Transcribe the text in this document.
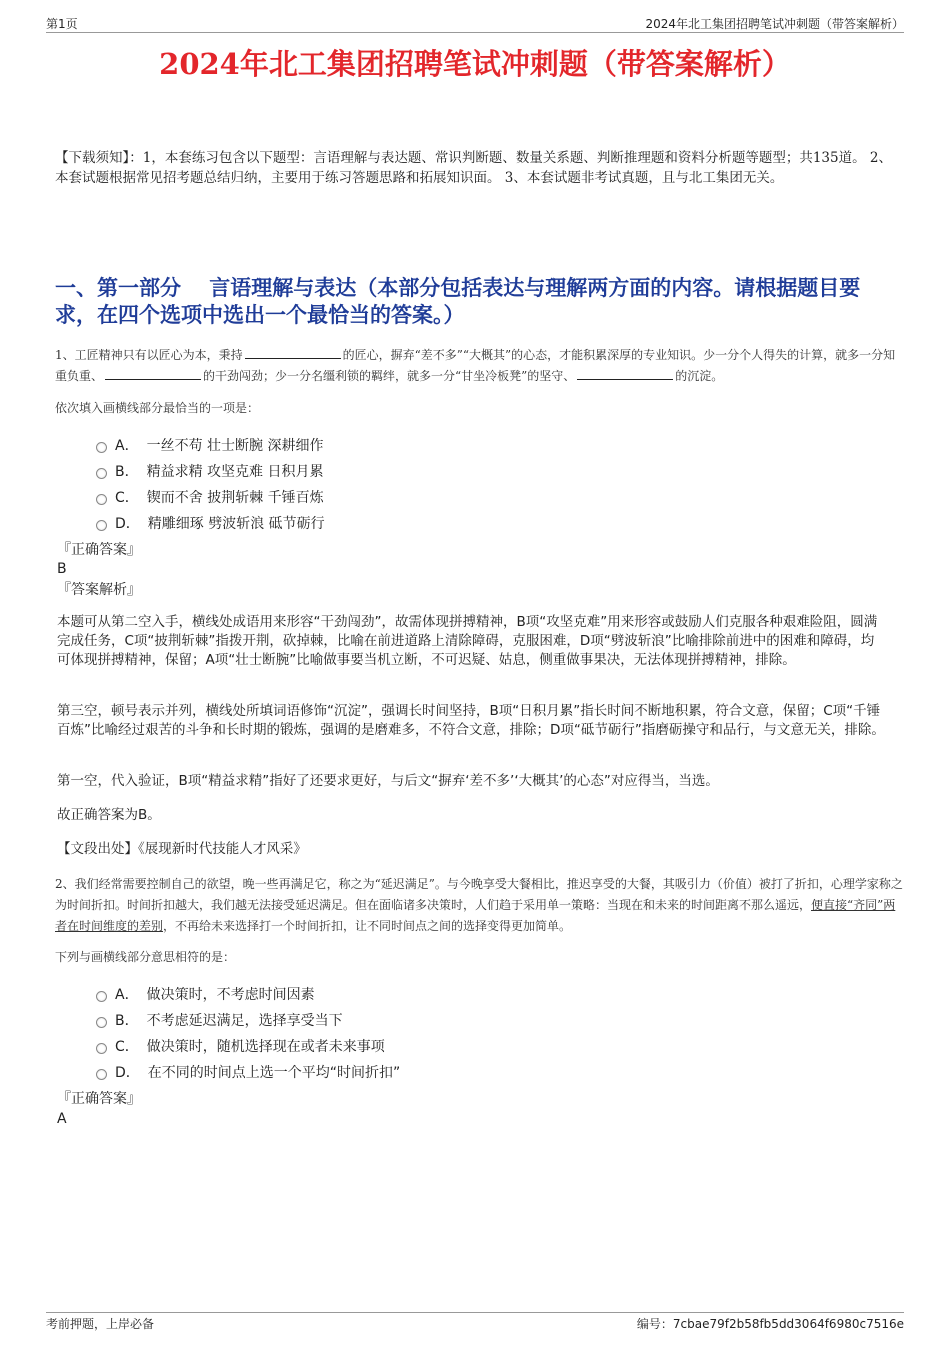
第1页	2024年北工集团招聘笔试冲刺题（带答案解析）
2024年北工集团招聘笔试冲刺题（带答案解析）

【下载须知】：1，本套练习包含以下题型：言语理解与表达题、常识判断题、数量关系题、判断推理题和资料分析题等题型；共135道。 2、本套试题根据常见招考题总结归纳，主要用于练习答题思路和拓展知识面。 3、本套试题非考试真题，且与北工集团无关。

一、第一部分　 言语理解与表达（本部分包括表达与理解两方面的内容。请根据题目要求，在四个选项中选出一个最恰当的答案。）

1、工匠精神只有以匠心为本，秉持	的匠心，摒弃“差不多”“大概其”的心态，才能积累深厚的专业知识。少一分个人得失的计算，就多一分知重负重、	的干劲闯劲；少一分名缰利锁的羁绊，就多一分“甘坐冷板凳”的坚守、	的沉淀。

依次填入画横线部分最恰当的一项是：

A． 一丝不苟 壮士断腕 深耕细作
B． 精益求精 攻坚克难 日积月累
C． 锲而不舍 披荆斩棘 千锤百炼
D． 精雕细琢 劈波斩浪 砥节砺行
『正确答案』
B
『答案解析』

本题可从第二空入手，横线处成语用来形容“干劲闯劲”，故需体现拼搏精神，B项“攻坚克难”用来形容或鼓励人们克服各种艰难险阻，圆满完成任务，C项“披荆斩棘”指拨开荆，砍掉棘，比喻在前进道路上清除障碍，克服困难，D项“劈波斩浪”比喻排除前进中的困难和障碍，均可体现拼搏精神，保留；A项“壮士断腕”比喻做事要当机立断，不可迟疑、姑息，侧重做事果决，无法体现拼搏精神，排除。

第三空，顿号表示并列，横线处所填词语修饰“沉淀”，强调长时间坚持，B项“日积月累”指长时间不断地积累，符合文意，保留；C项“千锤百炼”比喻经过艰苦的斗争和长时期的锻炼，强调的是磨难多，不符合文意，排除；D项“砥节砺行”指磨砺操守和品行，与文意无关，排除。

第一空，代入验证，B项“精益求精”指好了还要求更好，与后文“摒弃‘差不多’‘大概其’的心态”对应得当，当选。

故正确答案为B。

【文段出处】《展现新时代技能人才风采》

2、我们经常需要控制自己的欲望，晚一些再满足它，称之为“延迟满足”。与今晚享受大餐相比，推迟享受的大餐，其吸引力（价值）被打了折扣，心理学家称之为时间折扣。时间折扣越大，我们越无法接受延迟满足。但在面临诸多决策时，人们趋于采用单一策略：当现在和未来的时间距离不那么遥远，便直接“齐同”两者在时间维度的差别，不再给未来选择打一个时间折扣，让不同时间点之间的选择变得更加简单。

下列与画横线部分意思相符的是：

A． 做决策时，不考虑时间因素
B． 不考虑延迟满足，选择享受当下
C． 做决策时，随机选择现在或者未来事项
D． 在不同的时间点上选一个平均“时间折扣”
『正确答案』
A
考前押题，上岸必备	编号：7cbae79f2b58fb5dd3064f6980c7516e
